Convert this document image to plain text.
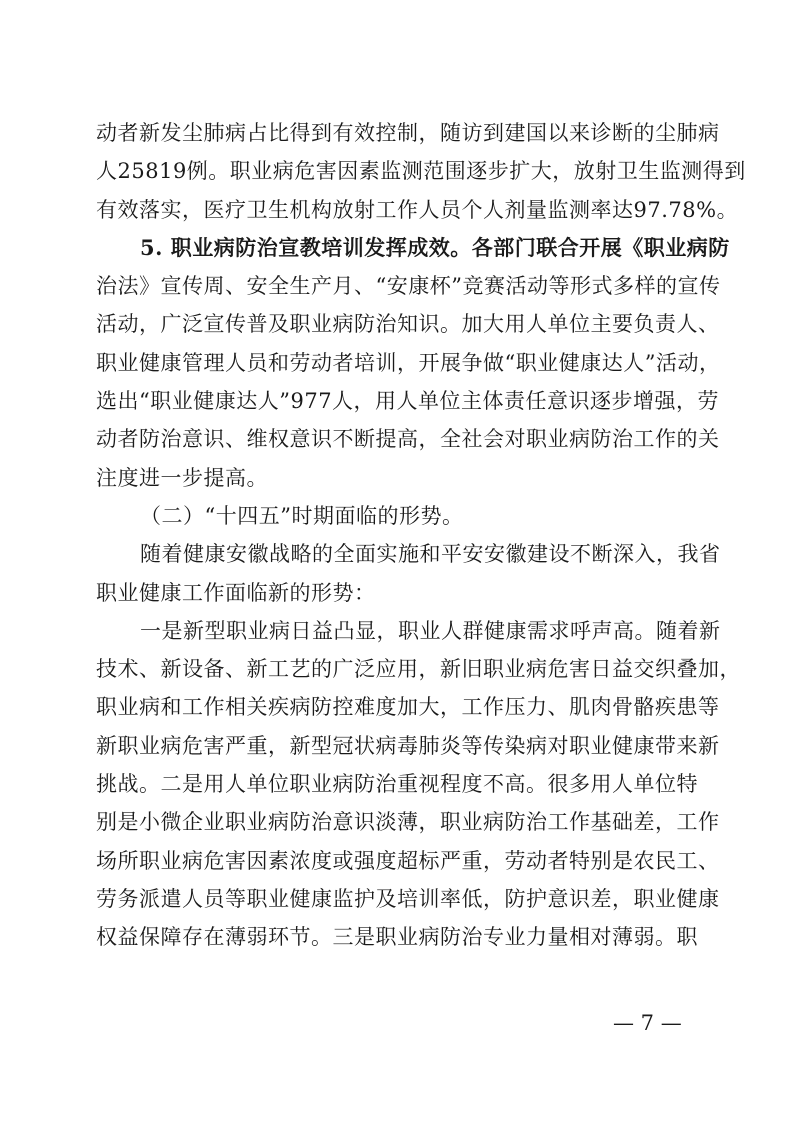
动者新发尘肺病占比得到有效控制，随访到建国以来诊断的尘肺病
人25819例。职业病危害因素监测范围逐步扩大，放射卫生监测得到
有效落实，医疗卫生机构放射工作人员个人剂量监测率达97.78%。
5. 职业病防治宣教培训发挥成效。各部门联合开展《职业病防
治法》宣传周、安全生产月、“安康杯”竞赛活动等形式多样的宣传
活动，广泛宣传普及职业病防治知识。加大用人单位主要负责人、
职业健康管理人员和劳动者培训，开展争做“职业健康达人”活动，
选出“职业健康达人”977人，用人单位主体责任意识逐步增强，劳
动者防治意识、维权意识不断提高，全社会对职业病防治工作的关
注度进一步提高。
（二）“十四五”时期面临的形势。
随着健康安徽战略的全面实施和平安安徽建设不断深入，我省
职业健康工作面临新的形势：
一是新型职业病日益凸显，职业人群健康需求呼声高。随着新
技术、新设备、新工艺的广泛应用，新旧职业病危害日益交织叠加，
职业病和工作相关疾病防控难度加大，工作压力、肌肉骨骼疾患等
新职业病危害严重，新型冠状病毒肺炎等传染病对职业健康带来新
挑战。二是用人单位职业病防治重视程度不高。很多用人单位特
别是小微企业职业病防治意识淡薄，职业病防治工作基础差，工作
场所职业病危害因素浓度或强度超标严重，劳动者特别是农民工、
劳务派遣人员等职业健康监护及培训率低，防护意识差，职业健康
权益保障存在薄弱环节。三是职业病防治专业力量相对薄弱。职
— 7 —
